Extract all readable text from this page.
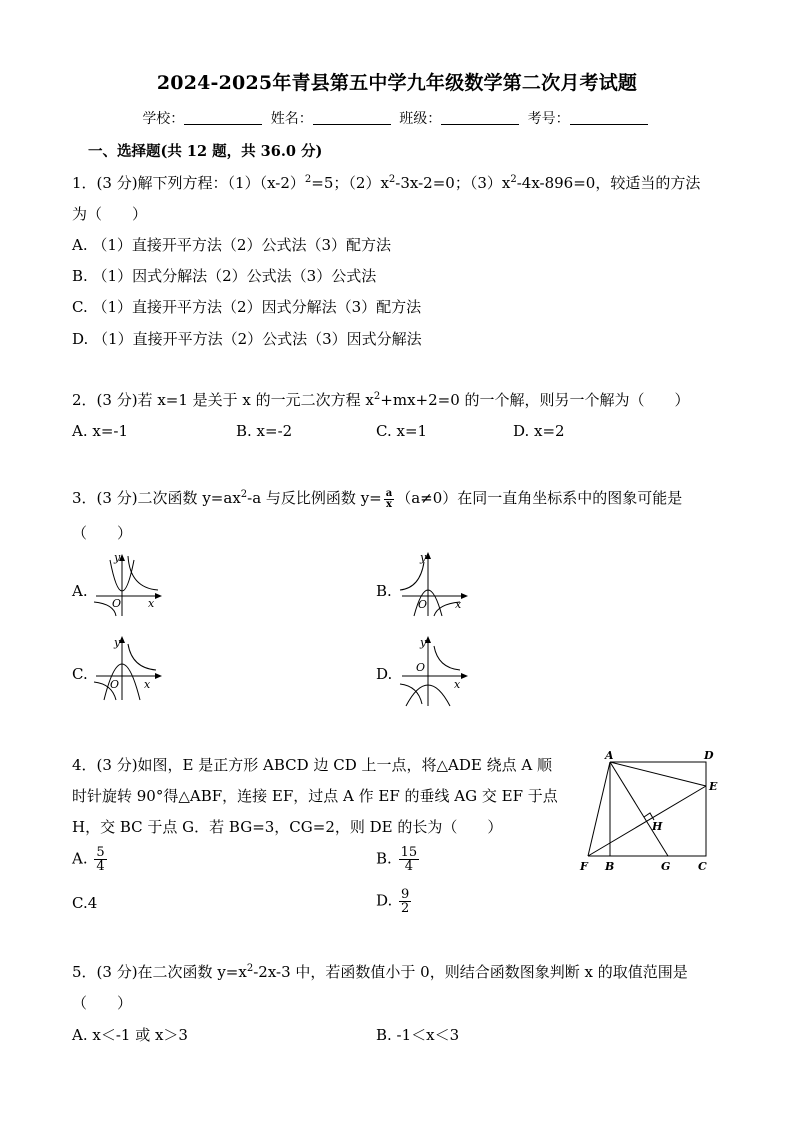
2024-2025年青县第五中学九年级数学第二次月考试题
学校：	姓名：	班级：	考号：
一、选择题(共 12 题，共 36.0 分)
1．(3 分)解下列方程：$(1)(x-2)^2=5$；$(2)x^2-3x-2=0$；$(3)x^2-4x-896=0$，较适当的方法
为（　　）
A. （1）直接开平方法（2）公式法（3）配方法
B. （1）因式分解法（2）公式法（3）公式法
C. （1）直接开平方法（2）因式分解法（3）配方法
D. （1）直接开平方法（2）公式法（3）因式分解法
2．(3 分)若 x=1 是关于 x 的一元二次方程 $x^2+mx+2=0$ 的一个解，则另一个解为（　　）
A. x=-1	B. x=-2	C. x=1	D. x=2
3．(3 分)二次函数 $y=ax^2-a$ 与反比例函数 $y= \frac{a}{x} (a\ne 0)$在同一直角坐标系中的图象可能是
（　　）
A.	B.
C.	D.
y
O x
y
O	x
y
O x
y
O
x
4．(3 分)如图，E 是正方形 ABCD 边 CD 上一点，将△ADE 绕点 A 顺
时针旋转 90°得△ABF，连接 EF，过点 A 作 EF 的垂线 AG 交 EF 于点
H，交 BC 于点 G．若 BG=3，CG=2，则 DE 的长为（　　）
A. $\frac{5}{4}$	B. $\frac{15}{4}$
C.4	D. $\frac{9}{2}$
A	D
E
H
F B	G	C
5．(3 分)在二次函数 $y=x^2-2x-3$ 中，若函数值小于 0，则结合函数图象判断 x 的取值范围是
（　　）
A. x＜-1 或 x＞3	B. -1＜x＜3
